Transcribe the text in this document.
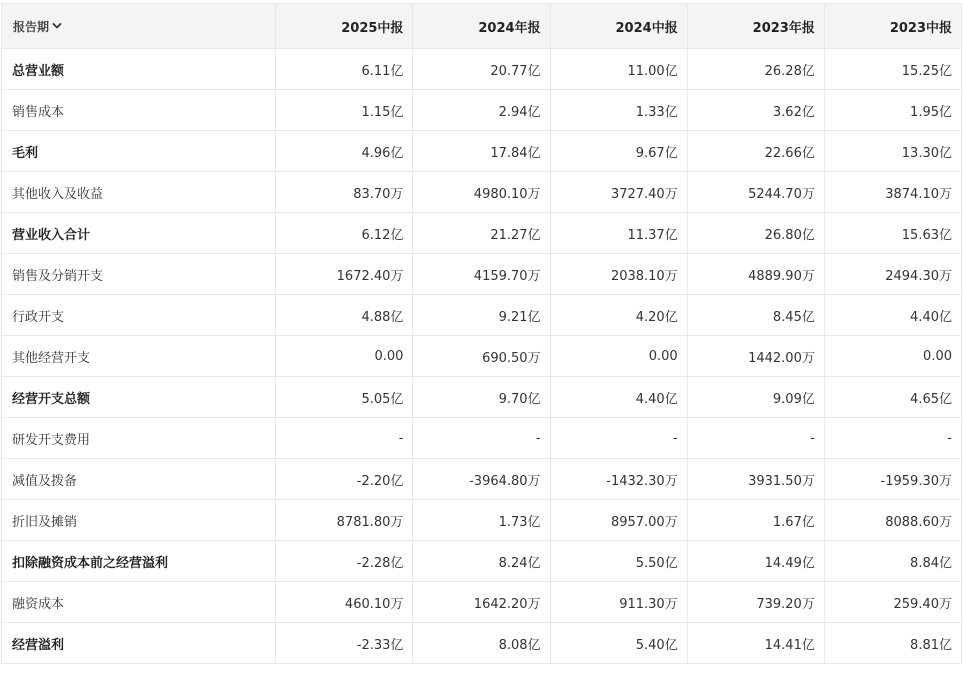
报告期	2025中报	2024年报	2024中报	2023年报	2023中报
总营业额	6.11亿	20.77亿	11.00亿	26.28亿	15.25亿
销售成本	1.15亿	2.94亿	1.33亿	3.62亿	1.95亿
毛利	4.96亿	17.84亿	9.67亿	22.66亿	13.30亿
其他收入及收益	83.70万	4980.10万	3727.40万	5244.70万	3874.10万
营业收入合计	6.12亿	21.27亿	11.37亿	26.80亿	15.63亿
销售及分销开支	1672.40万	4159.70万	2038.10万	4889.90万	2494.30万
行政开支	4.88亿	9.21亿	4.20亿	8.45亿	4.40亿
其他经营开支	0.00	690.50万	0.00	1442.00万	0.00
经营开支总额	5.05亿	9.70亿	4.40亿	9.09亿	4.65亿
研发开支费用	-	-	-	-	-
减值及拨备	-2.20亿	-3964.80万	-1432.30万	3931.50万	-1959.30万
折旧及摊销	8781.80万	1.73亿	8957.00万	1.67亿	8088.60万
扣除融资成本前之经营溢利	-2.28亿	8.24亿	5.50亿	14.49亿	8.84亿
融资成本	460.10万	1642.20万	911.30万	739.20万	259.40万
经营溢利	-2.33亿	8.08亿	5.40亿	14.41亿	8.81亿
